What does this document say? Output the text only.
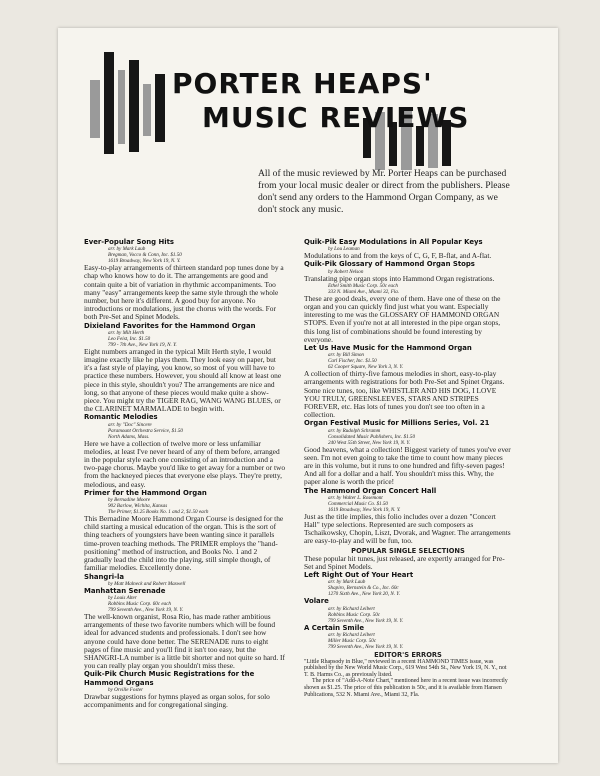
PORTER HEAPS'
MUSIC REVIEWS
All of the music reviewed by Mr. Porter Heaps can be purchased from your local music dealer or direct from the publishers. Please don't send any orders to the Hammond Organ Company, as we don't stock any music.
Ever-Popular Song Hits
arr. by Mark Laub
Bregman, Vocco & Conn, Inc. $1.50
1619 Broadway, New York 19, N. Y.

Easy-to-play arrangements of thirteen standard pop tunes done by a chap who knows how to do it. The arrangements are good and contain quite a bit of variation in rhythmic accompaniments. Too many "easy" arrangements keep the same style through the whole number, but here it's different. A good buy for anyone. No introductions or modulations, just the chorus with the words. For both Pre-Set and Spinet Models.

Dixieland Favorites for the Hammond Organ
arr. by Milt Herth
Leo Feist, Inc. $1.50
799 - 7th Ave., New York 19, N. Y.

Eight numbers arranged in the typical Milt Herth style, I would imagine exactly like he plays them. They look easy on paper, but it's a fast style of playing, you know, so most of you will have to practice these numbers. However, you should all know at least one piece in this style, shouldn't you? The arrangements are nice and long, so that anyone of these pieces would make quite a show-piece. You might try the TIGER RAG, WANG WANG BLUES, or the CLARINET MARMALADE to begin with.

Romantic Melodies
arr. by "Doc" Sincere
Paramount Orchestra Service, $1.50
North Adams, Mass.

Here we have a collection of twelve more or less unfamiliar melodies, at least I've never heard of any of them before, arranged in the popular style each one consisting of an introduction and a two-page chorus. Maybe you'd like to get away for a number or two from the hackneyed pieces that everyone else plays. They're pretty, melodious, and easy.

Primer for the Hammond Organ
by Bernadine Moore
902 Barlow, Wichita, Kansas
The Primer, $1.25 Books No. 1 and 2, $1.50 each

This Bernadine Moore Hammond Organ Course is designed for the child starting a musical education of the organ. This is the sort of thing teachers of youngsters have been wanting since it parallels time-proven teaching methods. The PRIMER employs the "hand-positioning" method of instruction, and Books No. 1 and 2 gradually lead the child into the playing, still simple though, of familiar melodies. Excellently done.

Shangri-la
by Matt Malneck and Robert Maxwell
Manhattan Serenade
by Louis Alter
Robbins Music Corp. 60c each
799 Seventh Ave., New York 19, N. Y.

The well-known organist, Rosa Rio, has made rather ambitious arrangements of these two favorite numbers which will be found ideal for advanced students and professionals. I don't see how anyone could have done better. The SERENADE runs to eight pages of fine music and you'll find it isn't too easy, but the SHANGRI-LA number is a little bit shorter and not quite so hard. If you can really play organ you shouldn't miss these.

Quik-Pik Church Music Registrations for the Hammond Organs
by Orville Foster

Drawbar suggestions for hymns played as organ solos, for solo accompaniments and for congregational singing.

Quik-Pik Easy Modulations in All Popular Keys
by Lou Leaman

Modulations to and from the keys of C, G, F, B-flat, and A-flat.

Quik-Pik Glossary of Hammond Organ Stops
by Robert Nelson

Translating pipe organ stops into Hammond Organ registrations.

Ethel Smith Music Corp. 50c each
333 N. Miami Ave., Miami 32, Fla.

These are good deals, every one of them. Have one of these on the organ and you can quickly find just what you want. Especially interesting to me was the GLOSSARY OF HAMMOND ORGAN STOPS. Even if you're not at all interested in the pipe organ stops, this long list of combinations should be found interesting by everyone.

Let Us Have Music for the Hammond Organ
arr. by Bill Simon
Carl Fischer, Inc. $1.50
62 Cooper Square, New York 3, N. Y.

A collection of thirty-five famous melodies in short, easy-to-play arrangements with registrations for both Pre-Set and Spinet Organs. Some nice tunes, too, like WHISTLER AND HIS DOG, I LOVE YOU TRULY, GREENSLEEVES, STARS AND STRIPES FOREVER, etc. Has lots of tunes you don't see too often in a collection.

Organ Festival Music for Millions Series, Vol. 21
arr. by Rudolph Schramm
Consolidated Music Publishers, Inc. $1.50
240 West 55th Street, New York 19, N. Y.

Good heavens, what a collection! Biggest variety of tunes you've ever seen. I'm not even going to take the time to count how many pieces are in this volume, but it runs to one hundred and fifty-seven pages! And all for a dollar and a half. You shouldn't miss this. Why, the paper alone is worth the price!

The Hammond Organ Concert Hall
arr. by Walter L. Rosemont
Commercial Music Co. $1.50
1619 Broadway, New York 19, N. Y.

Just as the title implies, this folio includes over a dozen "Concert Hall" type selections. Represented are such composers as Tschaikowsky, Chopin, Liszt, Dvorak, and Wagner. The arrangements are easy-to-play and will be fun, too.

POPULAR SINGLE SELECTIONS

These popular hit tunes, just released, are expertly arranged for Pre-Set and Spinet Models.

Left Right Out of Your Heart
arr. by Mark Laub
Shapiro, Bernstein & Co., Inc. 60c
1270 Sixth Ave., New York 20, N. Y.
Volare
arr. by Richard Leibert
Robbins Music Corp. 50c
799 Seventh Ave., New York 19, N. Y.
A Certain Smile
arr. by Richard Leibert
Miller Music Corp. 50c
799 Seventh Ave., New York 19, N. Y.
EDITOR'S ERRORS

"Little Rhapsody in Blue," reviewed in a recent HAMMOND TIMES issue, was published by the New World Music Corp., 619 West 54th St., New York 19, N. Y., not T. B. Harms Co., as previously listed.

The price of "Add-A-Note Chart," mentioned here in a recent issue was incorrectly shown as $1.25. The price of this publication is 50c, and it is available from Hansen Publications, 532 N. Miami Ave., Miami 32, Fla.
